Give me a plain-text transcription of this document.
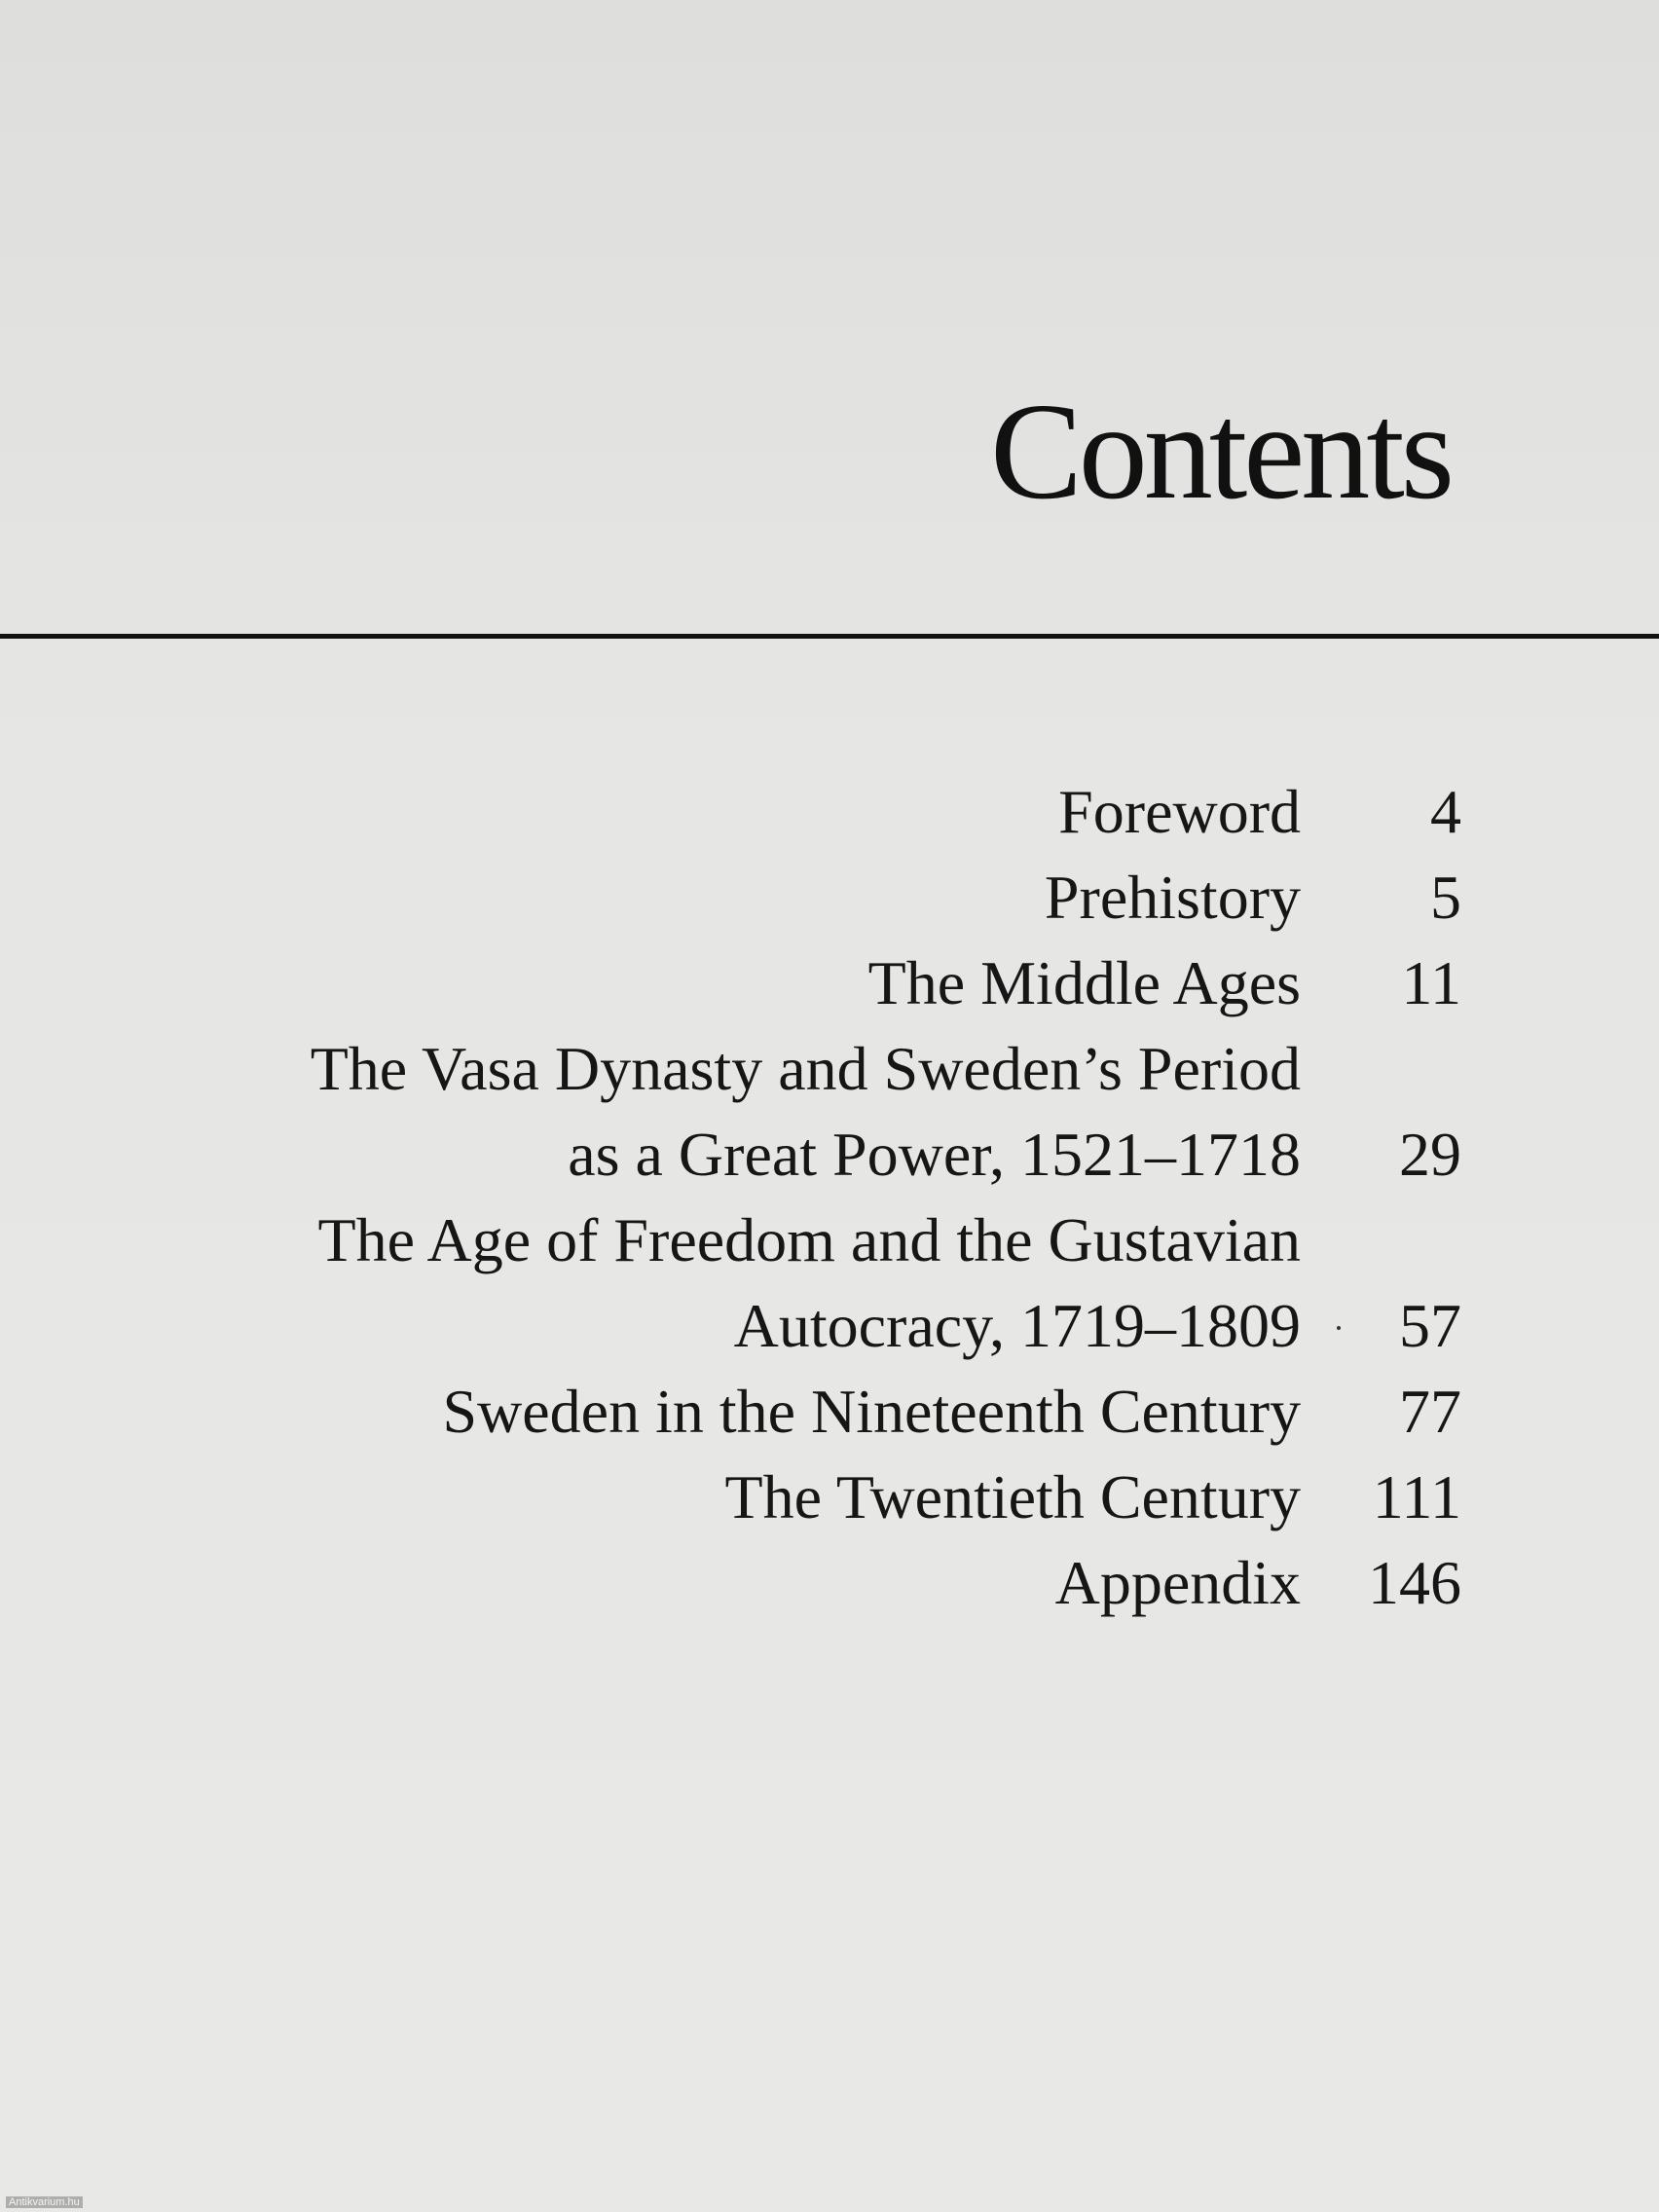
Contents
Foreword 4
Prehistory 5
The Middle Ages 11
The Vasa Dynasty and Sweden’s Period
as a Great Power, 1521–1718 29
The Age of Freedom and the Gustavian
Autocracy, 1719–1809 57
Sweden in the Nineteenth Century 77
The Twentieth Century 111
Appendix 146
Antikvarium.hu
